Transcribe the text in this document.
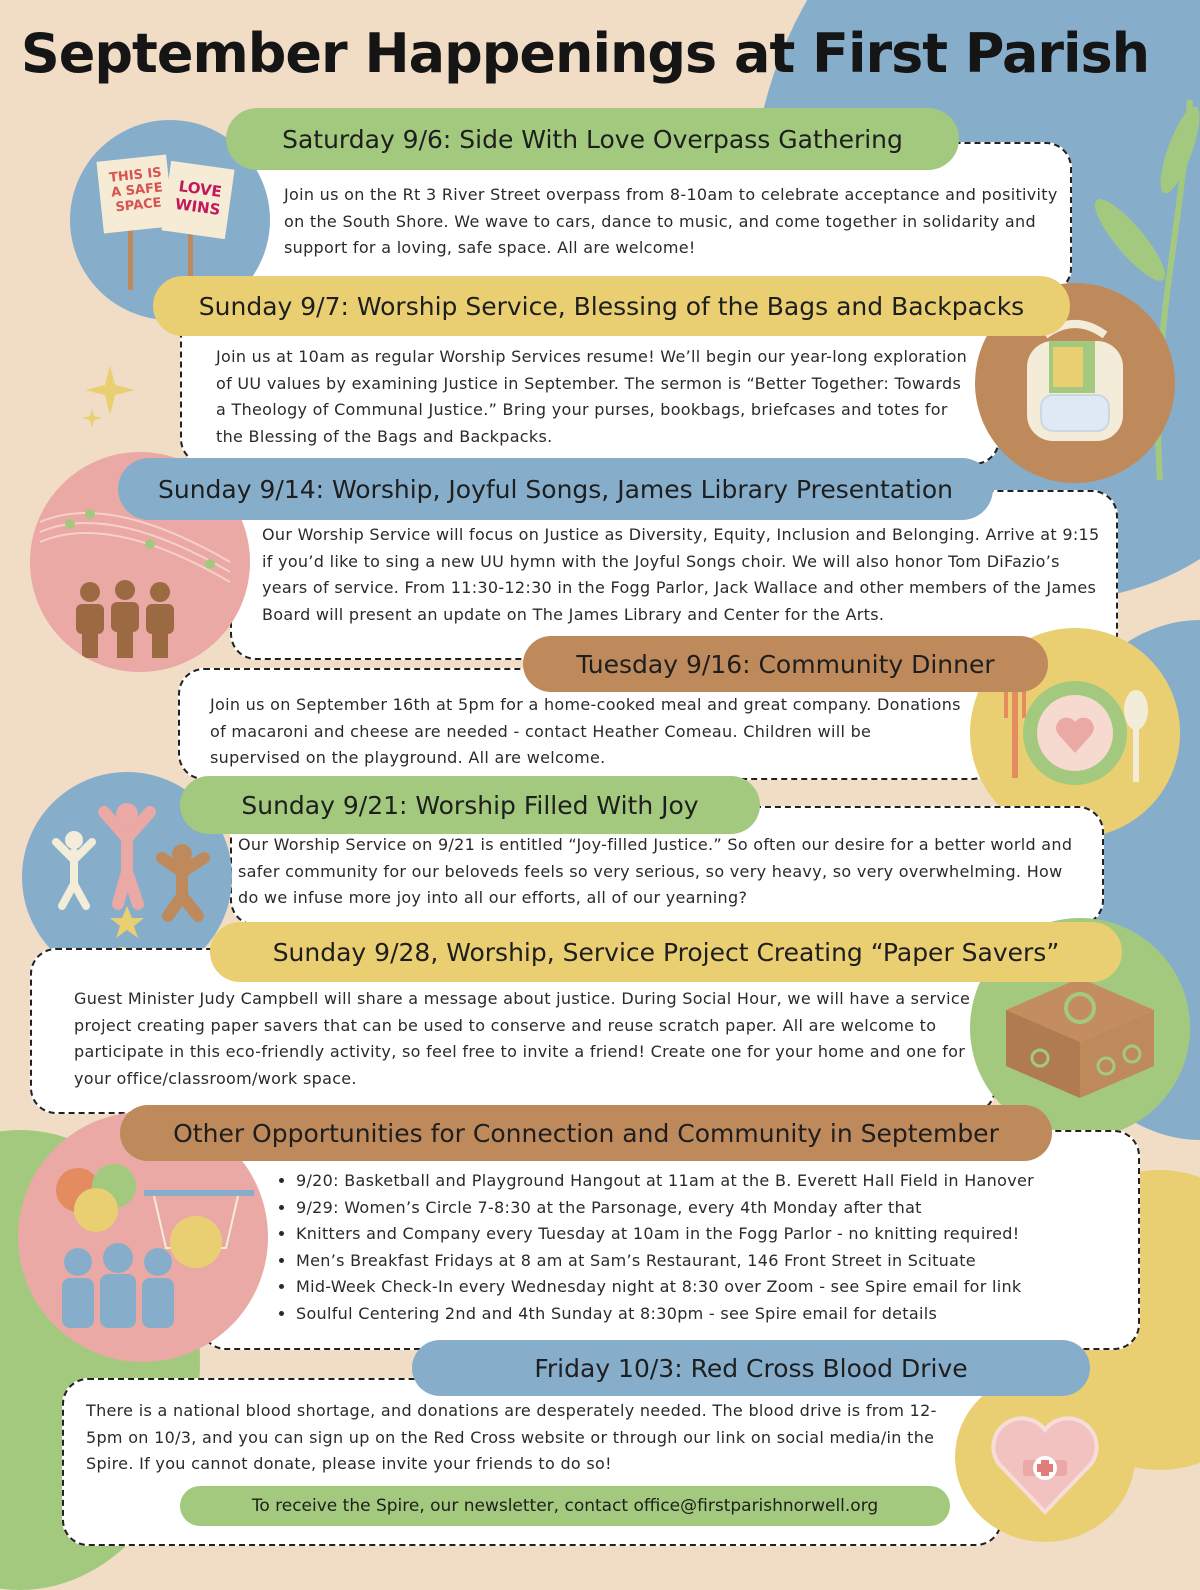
September Happenings at First Parish
THIS IS A SAFE SPACE
LOVE WINS
Saturday 9/6: Side With Love Overpass Gathering
Join us on the Rt 3 River Street overpass from 8-10am to celebrate acceptance and positivity on the South Shore. We wave to cars, dance to music, and come together in solidarity and support for a loving, safe space. All are welcome!
Sunday 9/7: Worship Service, Blessing of the Bags and Backpacks
Join us at 10am as regular Worship Services resume! We’ll begin our year-long exploration of UU values by examining Justice in September. The sermon is “Better Together: Towards a Theology of Communal Justice.” Bring your purses, bookbags, briefcases and totes for the Blessing of the Bags and Backpacks.
Sunday 9/14: Worship, Joyful Songs, James Library Presentation
Our Worship Service will focus on Justice as Diversity, Equity, Inclusion and Belonging. Arrive at 9:15 if you’d like to sing a new UU hymn with the Joyful Songs choir. We will also honor Tom DiFazio’s years of service. From 11:30-12:30 in the Fogg Parlor, Jack Wallace and other members of the James Board will present an update on The James Library and Center for the Arts.
Tuesday 9/16: Community Dinner
Join us on September 16th at 5pm for a home-cooked meal and great company. Donations of macaroni and cheese are needed - contact Heather Comeau. Children will be supervised on the playground. All are welcome.
Sunday 9/21: Worship Filled With Joy
Our Worship Service on 9/21 is entitled “Joy-filled Justice.” So often our desire for a better world and safer community for our beloveds feels so very serious, so very heavy, so very overwhelming. How do we infuse more joy into all our efforts, all of our yearning?
Sunday 9/28, Worship, Service Project Creating “Paper Savers”
Guest Minister Judy Campbell will share a message about justice. During Social Hour, we will have a service project creating paper savers that can be used to conserve and reuse scratch paper. All are welcome to participate in this eco-friendly activity, so feel free to invite a friend! Create one for your home and one for your office/classroom/work space.
Other Opportunities for Connection and Community in September
• 9/20: Basketball and Playground Hangout at 11am at the B. Everett Hall Field in Hanover
• 9/29: Women’s Circle 7-8:30 at the Parsonage, every 4th Monday after that
• Knitters and Company every Tuesday at 10am in the Fogg Parlor - no knitting required!
• Men’s Breakfast Fridays at 8 am at Sam’s Restaurant, 146 Front Street in Scituate
• Mid-Week Check-In every Wednesday night at 8:30 over Zoom - see Spire email for link
• Soulful Centering 2nd and 4th Sunday at 8:30pm - see Spire email for details
Friday 10/3: Red Cross Blood Drive
There is a national blood shortage, and donations are desperately needed. The blood drive is from 12-5pm on 10/3, and you can sign up on the Red Cross website or through our link on social media/in the Spire. If you cannot donate, please invite your friends to do so!
To receive the Spire, our newsletter, contact office@firstparishnorwell.org
